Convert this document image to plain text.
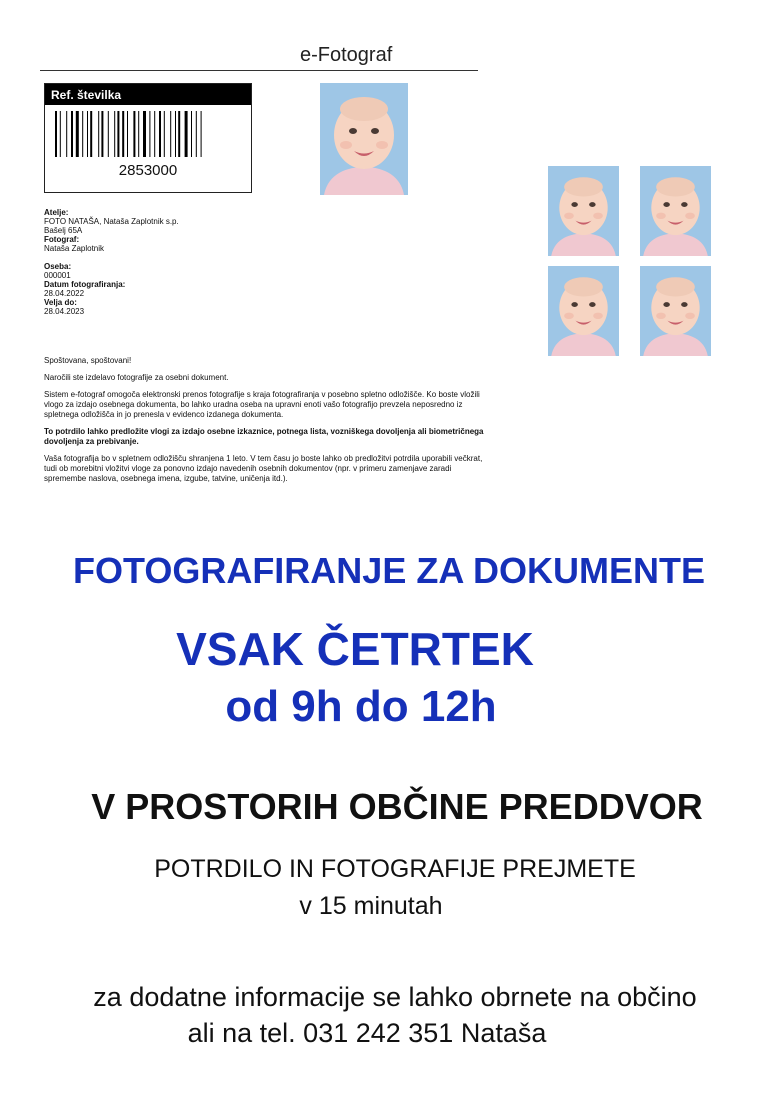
e-Fotograf
Ref. številka
2853000
Atelje:
FOTO NATAŠA, Nataša Zaplotnik s.p.
Bašelj 65A
Fotograf:
Nataša Zaplotnik
Oseba:
000001
Datum fotografiranja:
28.04.2022
Velja do:
28.04.2023

Spoštovana, spoštovani!

Naročili ste izdelavo fotografije za osebni dokument.

Sistem e-fotograf omogoča elektronski prenos fotografije s kraja fotografiranja v posebno spletno odložišče. Ko boste vložili vlogo za izdajo osebnega dokumenta, bo lahko uradna oseba na upravni enoti vašo fotografijo prevzela neposredno iz spletnega odložišča in jo prenesla v evidenco izdanega dokumenta.

To potrdilo lahko predložite vlogi za izdajo osebne izkaznice, potnega lista, vozniškega dovoljenja ali biometričnega dovoljenja za prebivanje.

Vaša fotografija bo v spletnem odložišču shranjena 1 leto. V tem času jo boste lahko ob predložitvi potrdila uporabili večkrat, tudi ob morebitni vložitvi vloge za ponovno izdajo navedenih osebnih dokumentov (npr. v primeru zamenjave zaradi spremembe naslova, osebnega imena, izgube, tatvine, uničenja itd.).

FOTOGRAFIRANJE ZA DOKUMENTE
VSAK ČETRTEK
od 9h do 12h
V PROSTORIH OBČINE PREDDVOR
POTRDILO IN FOTOGRAFIJE PREJMETE
v 15 minutah
za dodatne informacije se lahko obrnete na občino
ali na tel. 031 242 351 Nataša
